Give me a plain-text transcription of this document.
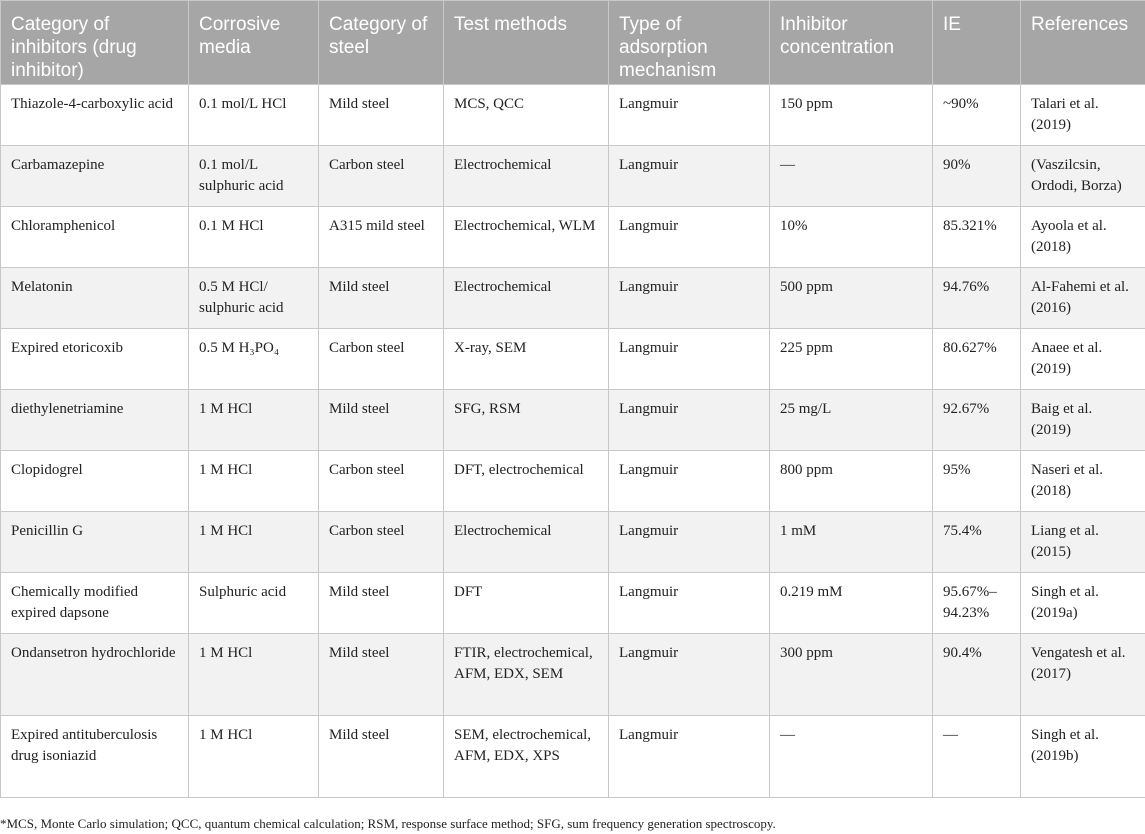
Category of inhibitors (drug inhibitor)	Corrosive media	Category of steel	Test methods	Type of adsorption mechanism	Inhibitor concentration	IE	References
Thiazole-4-carboxylic acid	0.1 mol/L HCl	Mild steel	MCS, QCC	Langmuir	150 ppm	~90%	Talari et al. (2019)
Carbamazepine	0.1 mol/L sulphuric acid	Carbon steel	Electrochemical	Langmuir	—	90%	(Vaszilcsin, Ordodi, Borza)
Chloramphenicol	0.1 M HCl	A315 mild steel	Electrochemical, WLM	Langmuir	10%	85.321%	Ayoola et al. (2018)
Melatonin	0.5 M HCl/ sulphuric acid	Mild steel	Electrochemical	Langmuir	500 ppm	94.76%	Al-Fahemi et al. (2016)
Expired etoricoxib	0.5 M H₃PO₄	Carbon steel	X-ray, SEM	Langmuir	225 ppm	80.627%	Anaee et al. (2019)
diethylenetriamine	1 M HCl	Mild steel	SFG, RSM	Langmuir	25 mg/L	92.67%	Baig et al. (2019)
Clopidogrel	1 M HCl	Carbon steel	DFT, electrochemical	Langmuir	800 ppm	95%	Naseri et al. (2018)
Penicillin G	1 M HCl	Carbon steel	Electrochemical	Langmuir	1 mM	75.4%	Liang et al. (2015)
Chemically modified expired dapsone	Sulphuric acid	Mild steel	DFT	Langmuir	0.219 mM	95.67%–94.23%	Singh et al. (2019a)
Ondansetron hydrochloride	1 M HCl	Mild steel	FTIR, electrochemical, AFM, EDX, SEM	Langmuir	300 ppm	90.4%	Vengatesh et al. (2017)
Expired antituberculosis drug isoniazid	1 M HCl	Mild steel	SEM, electrochemical, AFM, EDX, XPS	Langmuir	—	—	Singh et al. (2019b)
*MCS, Monte Carlo simulation; QCC, quantum chemical calculation; RSM, response surface method; SFG, sum frequency generation spectroscopy.
